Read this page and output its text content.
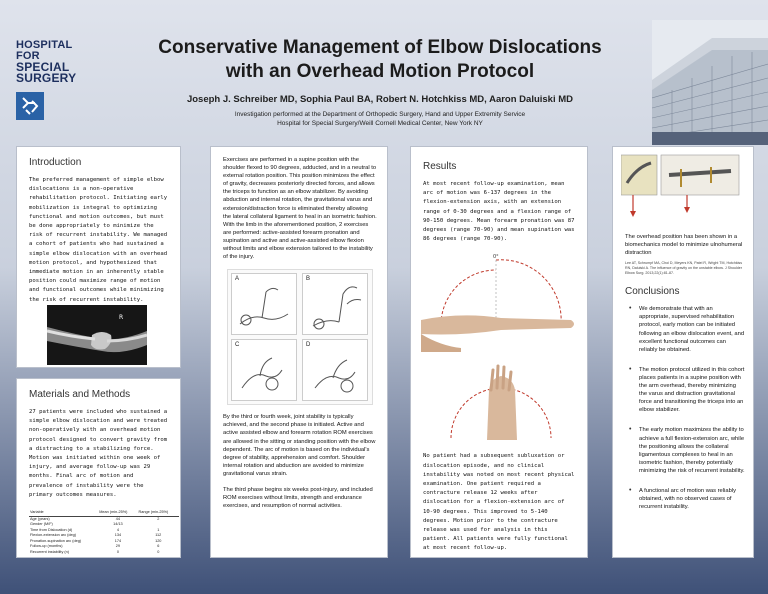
HOSPITAL
FOR
SPECIAL
SURGERY
Conservative Management of Elbow Dislocations
with an Overhead Motion Protocol
Joseph J. Schreiber MD, Sophia Paul BA, Robert N. Hotchkiss MD, Aaron Daluiski MD
Investigation performed at the Department of Orthopedic Surgery, Hand and Upper Extremity Service
Hospital for Special Surgery/Weill Cornell Medical Center, New York NY
Introduction
The preferred management of simple elbow dislocations is a non-operative rehabilitation protocol. Initiating early mobilization is integral to optimizing functional and motion outcomes, but must be done appropriately to minimize the risk of recurrent instability. We managed a cohort of patients who had sustained a simple elbow dislocation with an overhead motion protocol, and hypothesized that immediate motion in an inherently stable position could maximize range of motion and functional outcomes while minimizing the risk of recurrent instability.
R
Materials and Methods
27 patients were included who sustained a simple elbow dislocation and were treated non-operatively with an overhead motion protocol designed to convert gravity from a distracting to a stabilizing force. Motion was initiated within one week of injury, and average follow-up was 29 months. Final arc of motion and prevalence of instability were the primary outcomes measures.
Variable	Mean (min-25%)	Range (min-25%)
Age (years)	44	2
Gender (M/F)	14/13	
Time from Dislocation (d)	4	1
Flexion-extension arc (deg)	134	112
Pronation-supination arc (deg)	174	120
Follow-up (months)	29	6
Recurrent instability (n)	0	0
Exercises are performed in a supine position with the shoulder flexed to 90 degrees, adducted, and in a neutral to external rotation position. This position minimizes the effect of gravity, decreases posteriorly directed forces, and allows the triceps to function as an elbow stabilizer. By avoiding abduction and internal rotation, the gravitational varus and extension/distraction force is eliminated thereby allowing the lateral collateral ligament to heal in an isometric fashion. With the limb in the aforementioned position, 2 exercises are performed: active-assisted forearm pronation and supination and active and active-assisted elbow flexion without limits and elbow extension tailored to the instability of the injury.
A	B
C	D
By the third or fourth week, joint stability is typically achieved, and the second phase is initiated. Active and active assisted elbow and forearm rotation ROM exercises are allowed in the sitting or standing position with the elbow dependent. The arc of motion is based on the individual's degree of stability, apprehension and comfort. Shoulder internal rotation and abduction are avoided to minimize gravitational varus strain.
The third phase begins six weeks post-injury, and included ROM exercises without limits, strength and endurance exercises, and resumption of normal activities.
Results
At most recent follow-up examination, mean arc of motion was 6-137 degrees in the flexion-extension axis, with an extension range of 0-30 degrees and a flexion range of 90-150 degrees. Mean forearm pronation was 87 degrees (range 70-90) and mean supination was 86 degrees (range 70-90).
0°
No patient had a subsequent subluxation or dislocation episode, and no clinical instability was noted on most recent physical examination. One patient required a contracture release 12 weeks after dislocation for a flexion-extension arc of 10-90 degrees. This improved to 5-140 degrees. Motion prior to the contracture release was used for analysis in this patient. All patients were fully functional at most recent follow-up.
The overhead position has been shown in a biomechanics model to minimize ulnohumeral distraction
Lee AT, Schrumpf MA, Choi D, Meyers KN, Patel R, Wright TM, Hotchkiss RN, Daluiski A. The influence of gravity on the unstable elbow. J Shoulder Elbow Surg. 2013;22(1):81-87.
Conclusions
• We demonstrate that with an appropriate, supervised rehabilitation protocol, early motion can be initiated following an elbow dislocation event, and excellent functional outcomes can reliably be obtained.
• The motion protocol utilized in this cohort places patients in a supine position with the arm overhead, thereby minimizing the varus and distraction gravitational force and transitioning the triceps into an elbow stabilizer.
• The early motion maximizes the ability to achieve a full flexion-extension arc, while the positioning allows the collateral ligamentous complexes to heal in an isometric fashion, thereby potentially minimizing the risk of recurrent instability.
• A functional arc of motion was reliably obtained, with no observed cases of recurrent instability.
